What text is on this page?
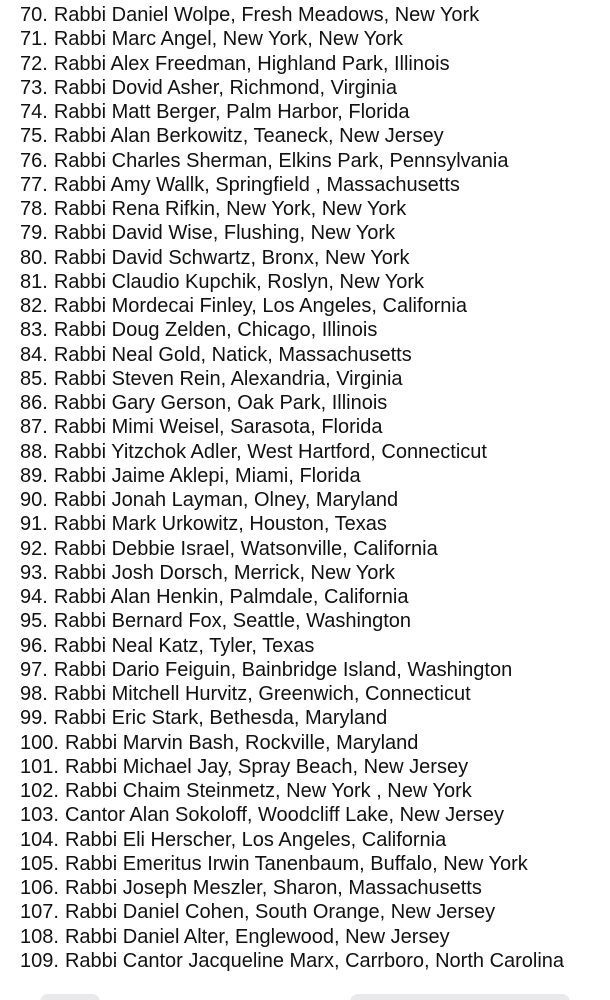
70. Rabbi Daniel Wolpe, Fresh Meadows, New York
71. Rabbi Marc Angel, New York, New York
72. Rabbi Alex Freedman, Highland Park, Illinois
73. Rabbi Dovid Asher, Richmond, Virginia
74. Rabbi Matt Berger, Palm Harbor, Florida
75. Rabbi Alan Berkowitz, Teaneck, New Jersey
76. Rabbi Charles Sherman, Elkins Park, Pennsylvania
77. Rabbi Amy Wallk, Springfield , Massachusetts
78. Rabbi Rena Rifkin, New York, New York
79. Rabbi David Wise, Flushing, New York
80. Rabbi David Schwartz, Bronx, New York
81. Rabbi Claudio Kupchik, Roslyn, New York
82. Rabbi Mordecai Finley, Los Angeles, California
83. Rabbi Doug Zelden, Chicago, Illinois
84. Rabbi Neal Gold, Natick, Massachusetts
85. Rabbi Steven Rein, Alexandria, Virginia
86. Rabbi Gary Gerson, Oak Park, Illinois
87. Rabbi Mimi Weisel, Sarasota, Florida
88. Rabbi Yitzchok Adler, West Hartford, Connecticut
89. Rabbi Jaime Aklepi, Miami, Florida
90. Rabbi Jonah Layman, Olney, Maryland
91. Rabbi Mark Urkowitz, Houston, Texas
92. Rabbi Debbie Israel, Watsonville, California
93. Rabbi Josh Dorsch, Merrick, New York
94. Rabbi Alan Henkin, Palmdale, California
95. Rabbi Bernard Fox, Seattle, Washington
96. Rabbi Neal Katz, Tyler, Texas
97. Rabbi Dario Feiguin, Bainbridge Island, Washington
98. Rabbi Mitchell Hurvitz, Greenwich, Connecticut
99. Rabbi Eric Stark, Bethesda, Maryland
100. Rabbi Marvin Bash, Rockville, Maryland
101. Rabbi Michael Jay, Spray Beach, New Jersey
102. Rabbi Chaim Steinmetz, New York , New York
103. Cantor Alan Sokoloff, Woodcliff Lake, New Jersey
104. Rabbi Eli Herscher, Los Angeles, California
105. Rabbi Emeritus Irwin Tanenbaum, Buffalo, New York
106. Rabbi Joseph Meszler, Sharon, Massachusetts
107. Rabbi Daniel Cohen, South Orange, New Jersey
108. Rabbi Daniel Alter, Englewood, New Jersey
109. Rabbi Cantor Jacqueline Marx, Carrboro, North Carolina
